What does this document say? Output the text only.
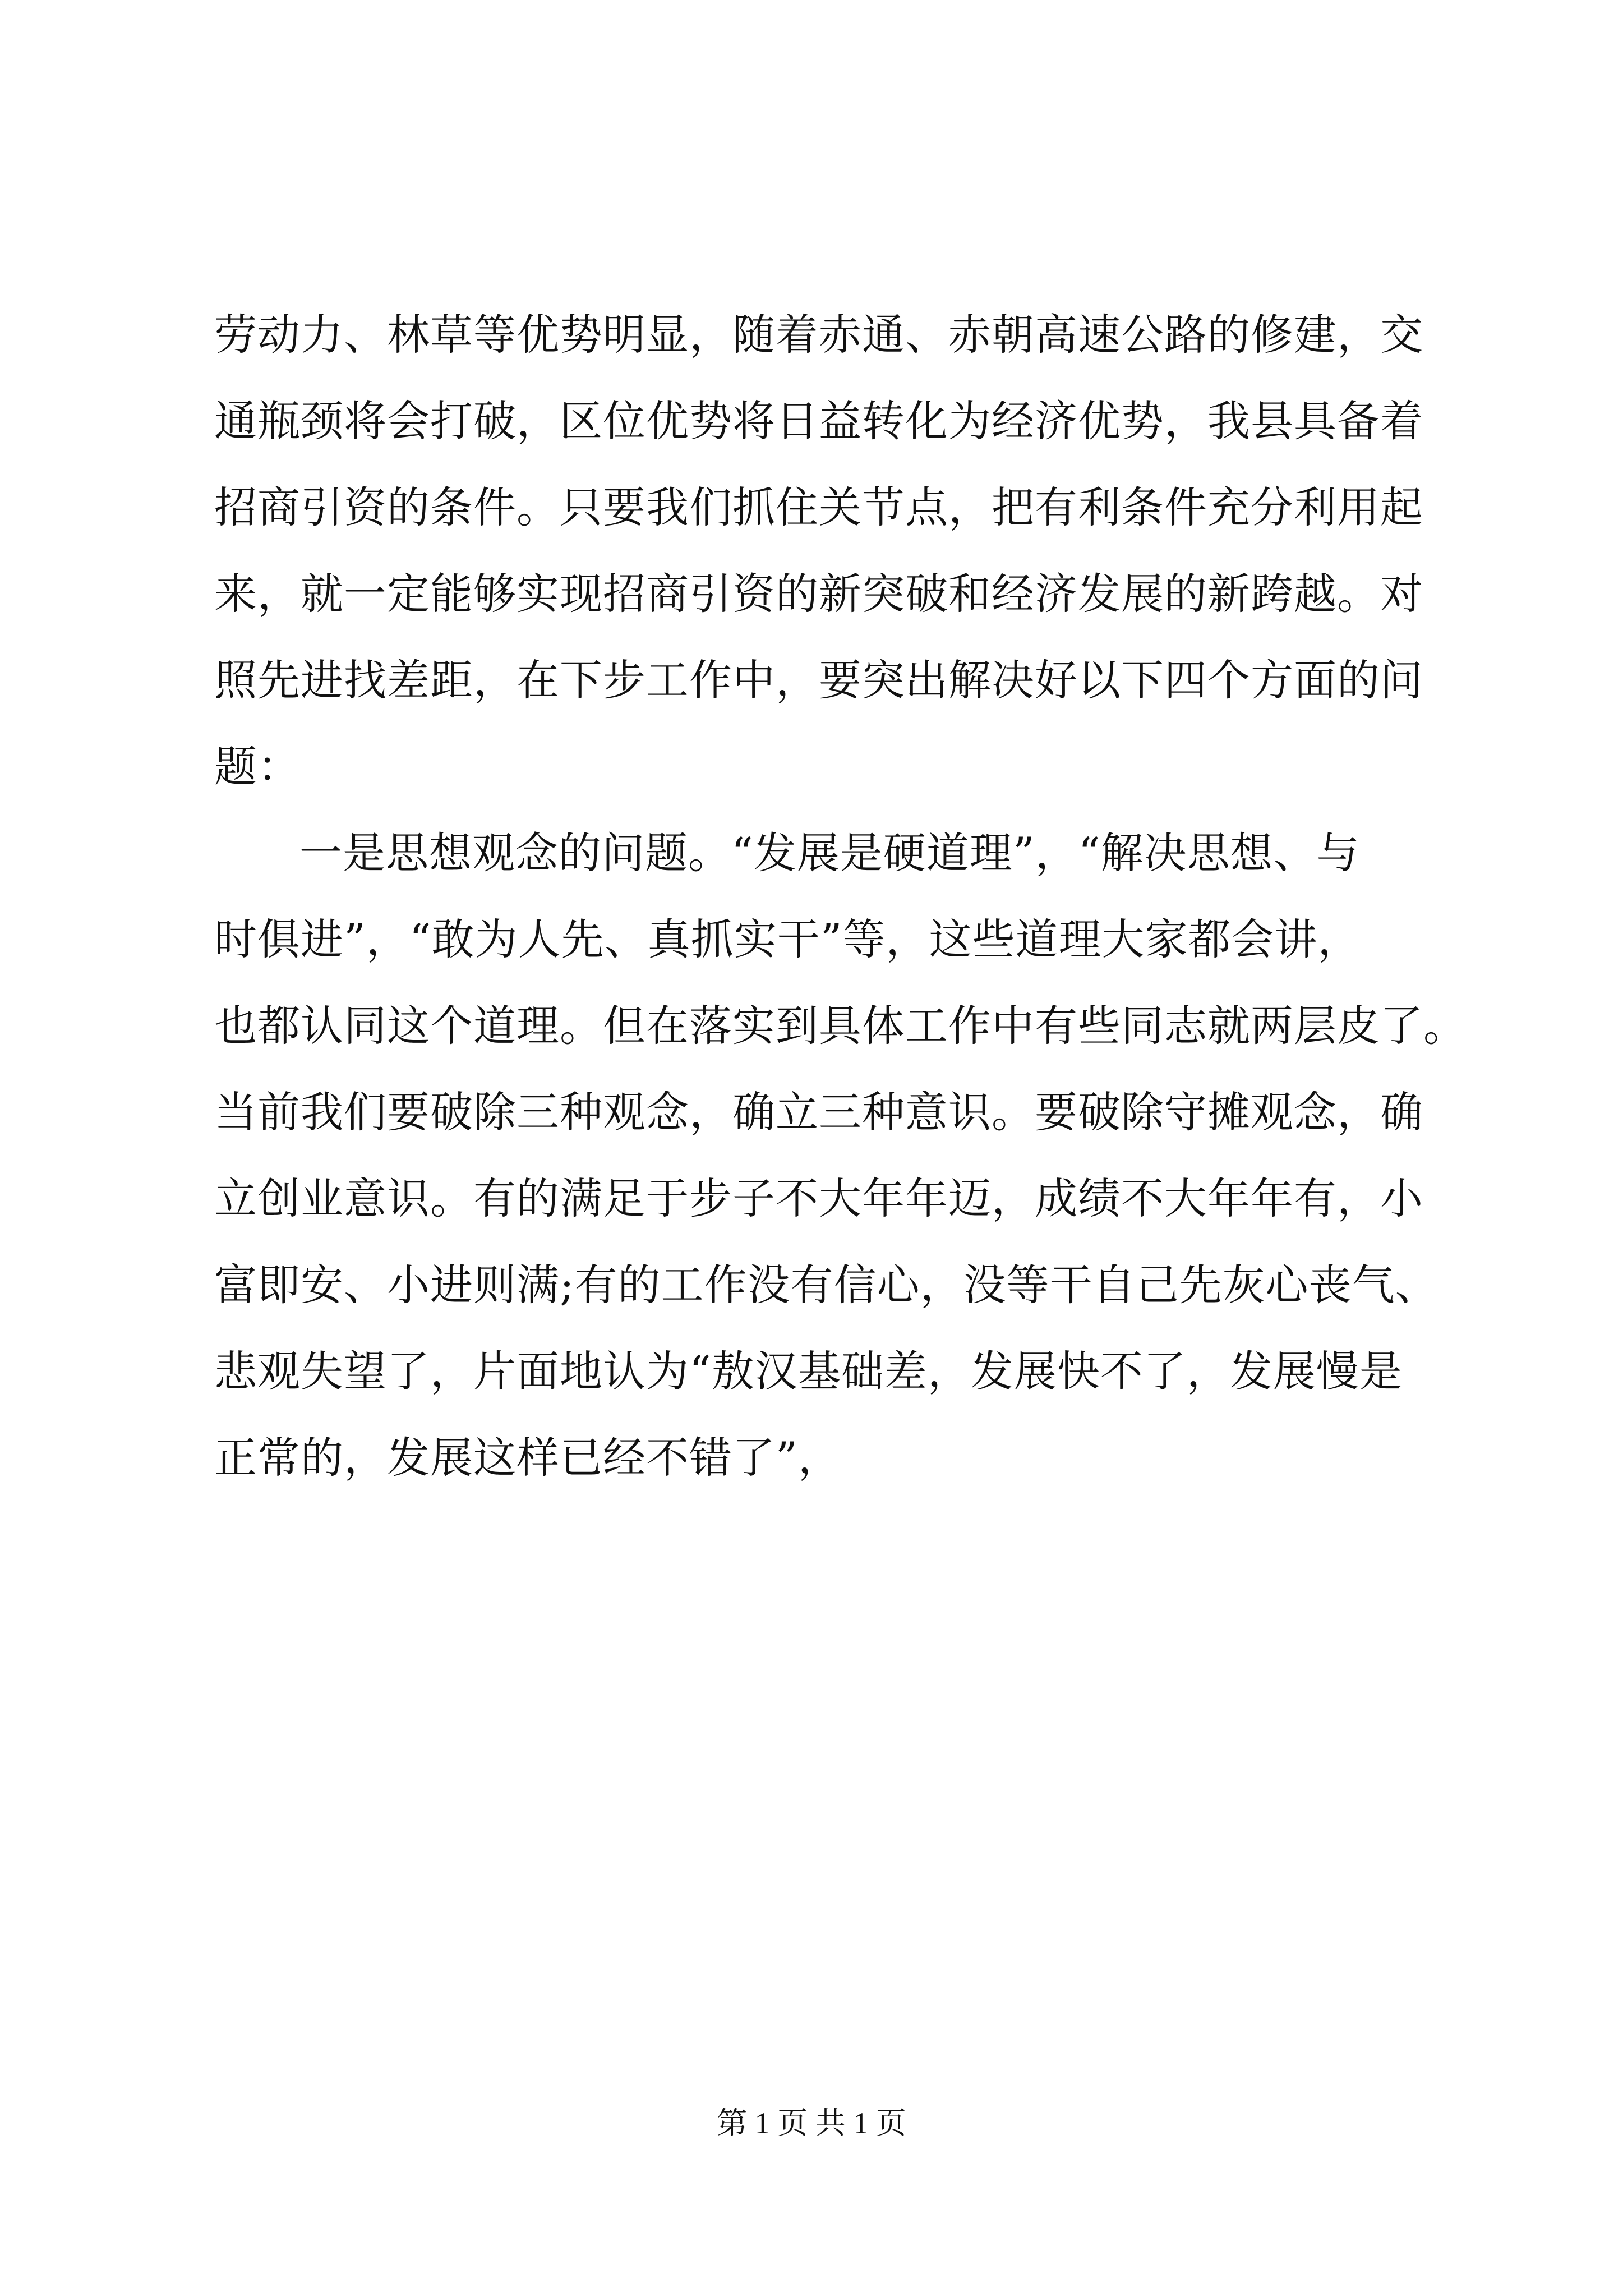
劳动力、林草等优势明显，随着赤通、赤朝高速公路的修建，交
通瓶颈将会打破，区位优势将日益转化为经济优势，我县具备着
招商引资的条件。只要我们抓住关节点，把有利条件充分利用起
来，就一定能够实现招商引资的新突破和经济发展的新跨越。对
照先进找差距，在下步工作中，要突出解决好以下四个方面的问
题：
一是思想观念的问题。“发展是硬道理”，“解决思想、与
时俱进”，“敢为人先、真抓实干”等，这些道理大家都会讲，
也都认同这个道理。但在落实到具体工作中有些同志就两层皮了。
当前我们要破除三种观念，确立三种意识。要破除守摊观念，确
立创业意识。有的满足于步子不大年年迈，成绩不大年年有，小
富即安、小进则满;有的工作没有信心，没等干自己先灰心丧气、
悲观失望了，片面地认为“敖汉基础差，发展快不了，发展慢是
正常的，发展这样已经不错了”，
第 1 页 共 1 页
